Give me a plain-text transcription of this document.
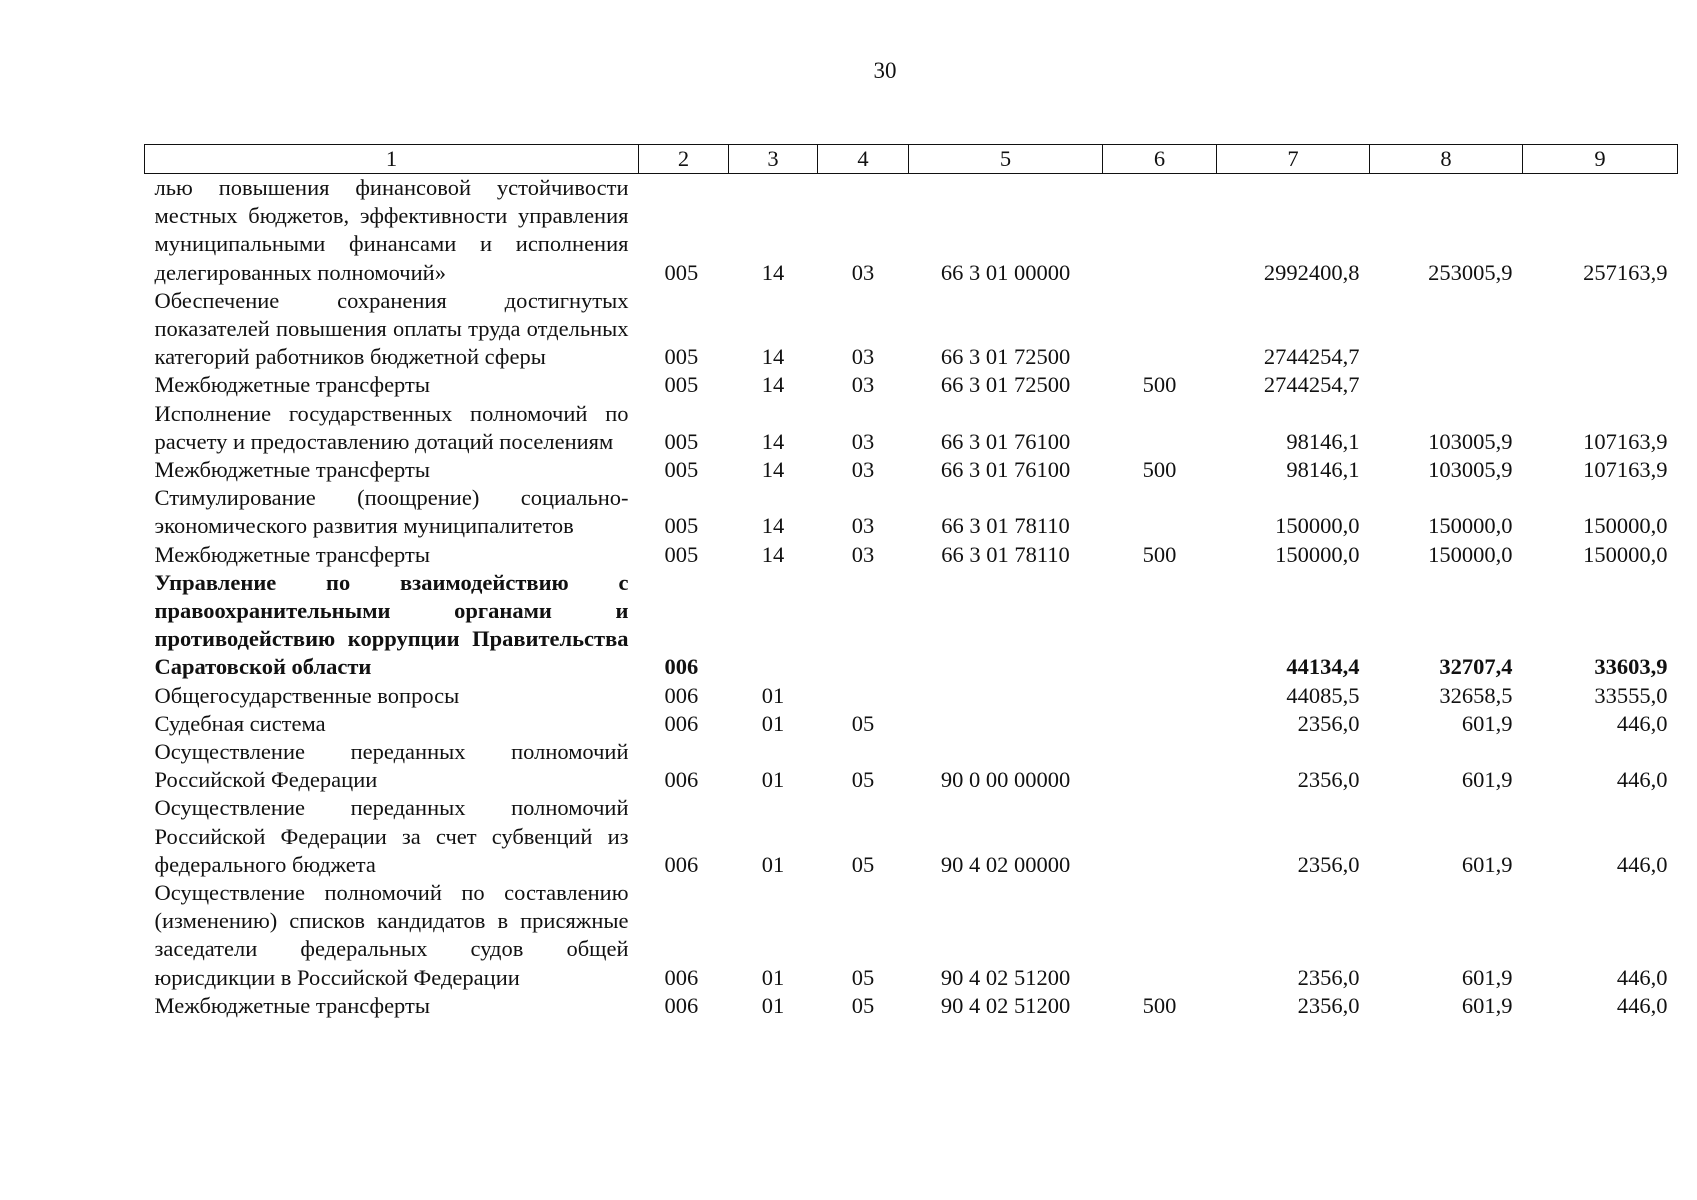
30
1	2	3	4	5	6	7	8	9
лью повышения финансовой устойчивости местных бюджетов, эффективности управления муниципальными финансами и исполнения делегированных полномочий»	005	14	03	66 3 01 00000		2992400,8	253005,9	257163,9
Обеспечение сохранения достигнутых показателей повышения оплаты труда отдельных категорий работников бюджетной сферы	005	14	03	66 3 01 72500		2744254,7		
Межбюджетные трансферты	005	14	03	66 3 01 72500	500	2744254,7		
Исполнение государственных полномочий по расчету и предоставлению дотаций поселениям	005	14	03	66 3 01 76100		98146,1	103005,9	107163,9
Межбюджетные трансферты	005	14	03	66 3 01 76100	500	98146,1	103005,9	107163,9
Стимулирование (поощрение) социально-экономического развития муниципалитетов	005	14	03	66 3 01 78110		150000,0	150000,0	150000,0
Межбюджетные трансферты	005	14	03	66 3 01 78110	500	150000,0	150000,0	150000,0
Управление по взаимодействию с правоохранительными органами и противодействию коррупции Правительства Саратовской области	006					44134,4	32707,4	33603,9
Общегосударственные вопросы	006	01				44085,5	32658,5	33555,0
Судебная система	006	01	05			2356,0	601,9	446,0
Осуществление переданных полномочий Российской Федерации	006	01	05	90 0 00 00000		2356,0	601,9	446,0
Осуществление переданных полномочий Российской Федерации за счет субвенций из федерального бюджета	006	01	05	90 4 02 00000		2356,0	601,9	446,0
Осуществление полномочий по составлению (изменению) списков кандидатов в присяжные заседатели федеральных судов общей юрисдикции в Российской Федерации	006	01	05	90 4 02 51200		2356,0	601,9	446,0
Межбюджетные трансферты	006	01	05	90 4 02 51200	500	2356,0	601,9	446,0
